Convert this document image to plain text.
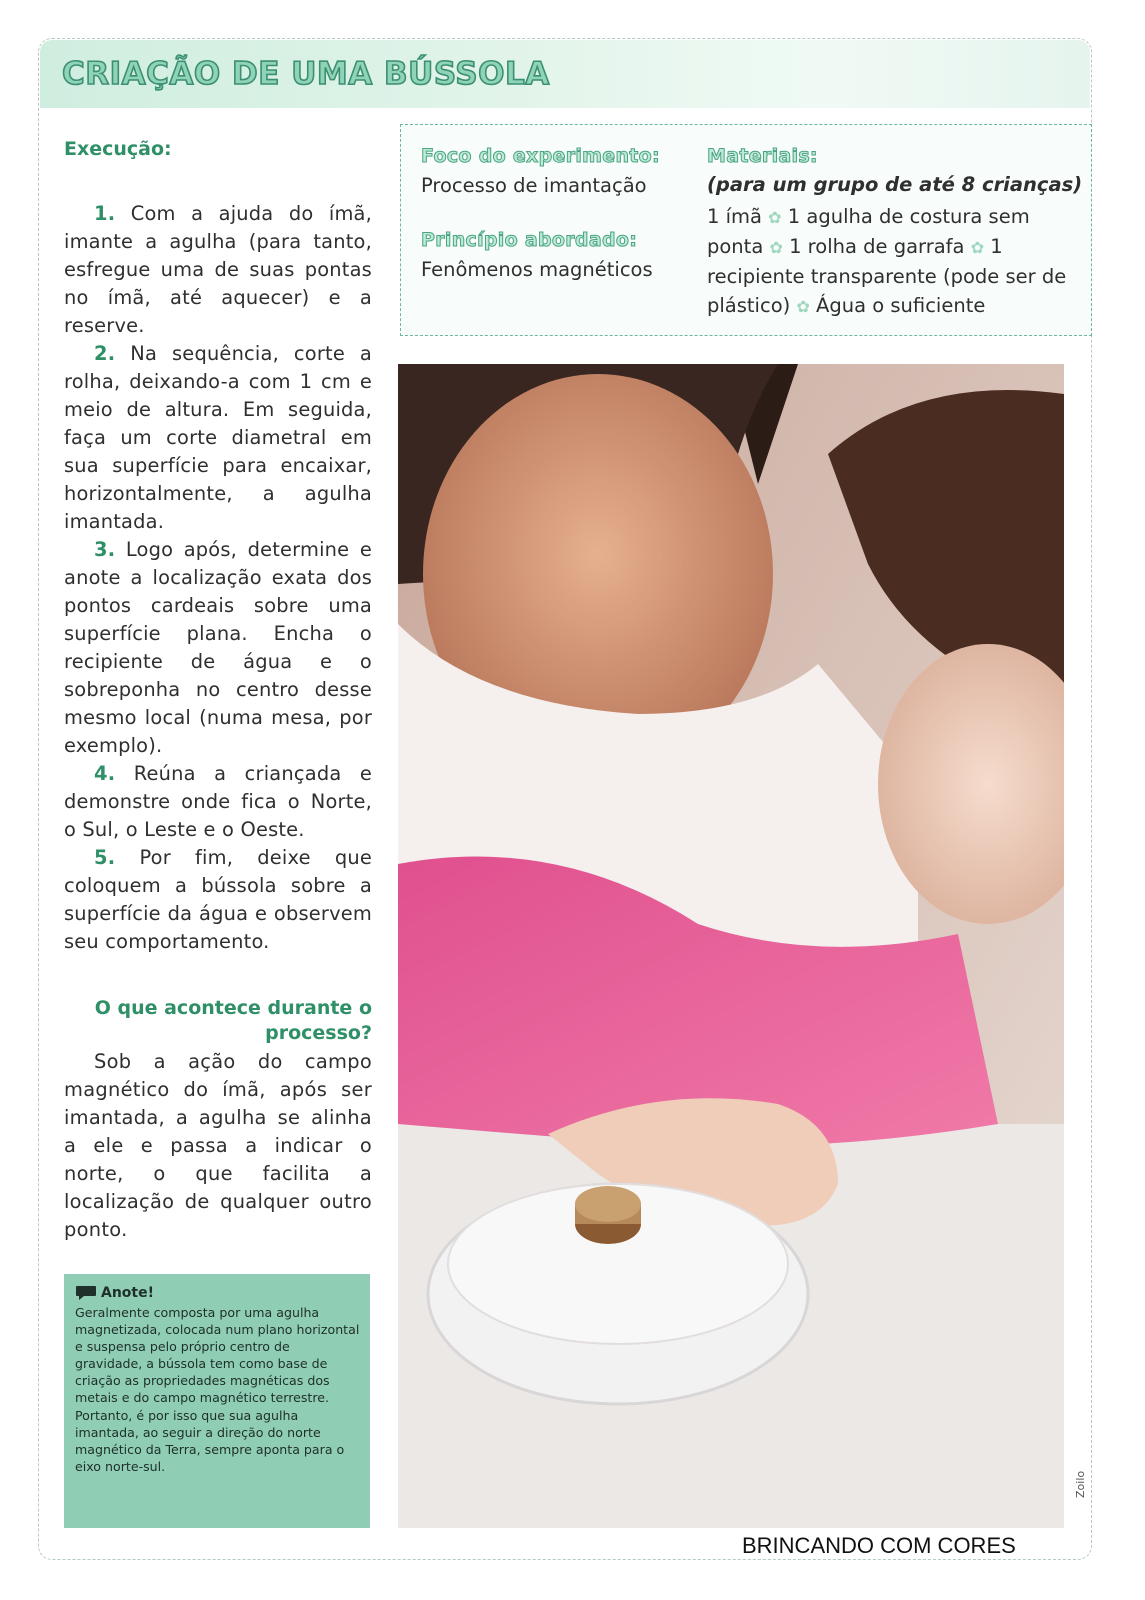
CRIAÇÃO DE UMA BÚSSOLA

Execução:

1. Com a ajuda do ímã, imante a agulha (para tanto, esfregue uma de suas pontas no ímã, até aquecer) e a reserve.

2. Na sequência, corte a rolha, deixando-a com 1 cm e meio de altura. Em seguida, faça um corte diametral em sua superfície para encaixar, horizontalmente, a agulha imantada.

3. Logo após, determine e anote a localização exata dos pontos cardeais sobre uma superfície plana. Encha o recipiente de água e o sobreponha no centro desse mesmo local (numa mesa, por exemplo).

4. Reúna a criançada e demonstre onde fica o Norte, o Sul, o Leste e o Oeste.

5. Por fim, deixe que coloquem a bússola sobre a superfície da água e observem seu comportamento.

O que acontece durante o processo?

Sob a ação do campo magnético do ímã, após ser imantada, a agulha se alinha a ele e passa a indicar o norte, o que facilita a localização de qualquer outro ponto.

Anote!
Geralmente composta por uma agulha magnetizada, colocada num plano horizontal e suspensa pelo próprio centro de gravidade, a bússola tem como base de criação as propriedades magnéticas dos metais e do campo magnético terrestre. Portanto, é por isso que sua agulha imantada, ao seguir a direção do norte magnético da Terra, sempre aponta para o eixo norte-sul.
Foco do experimento:
Processo de imantação
Princípio abordado:
Fenômenos magnéticos
Materiais:
(para um grupo de até 8 crianças)
1 ímã ✿ 1 agulha de costura sem ponta ✿ 1 rolha de garrafa ✿ 1 recipiente transparente (pode ser de plástico) ✿ Água o suficiente
Zoilo
BRINCANDO COM CORES
